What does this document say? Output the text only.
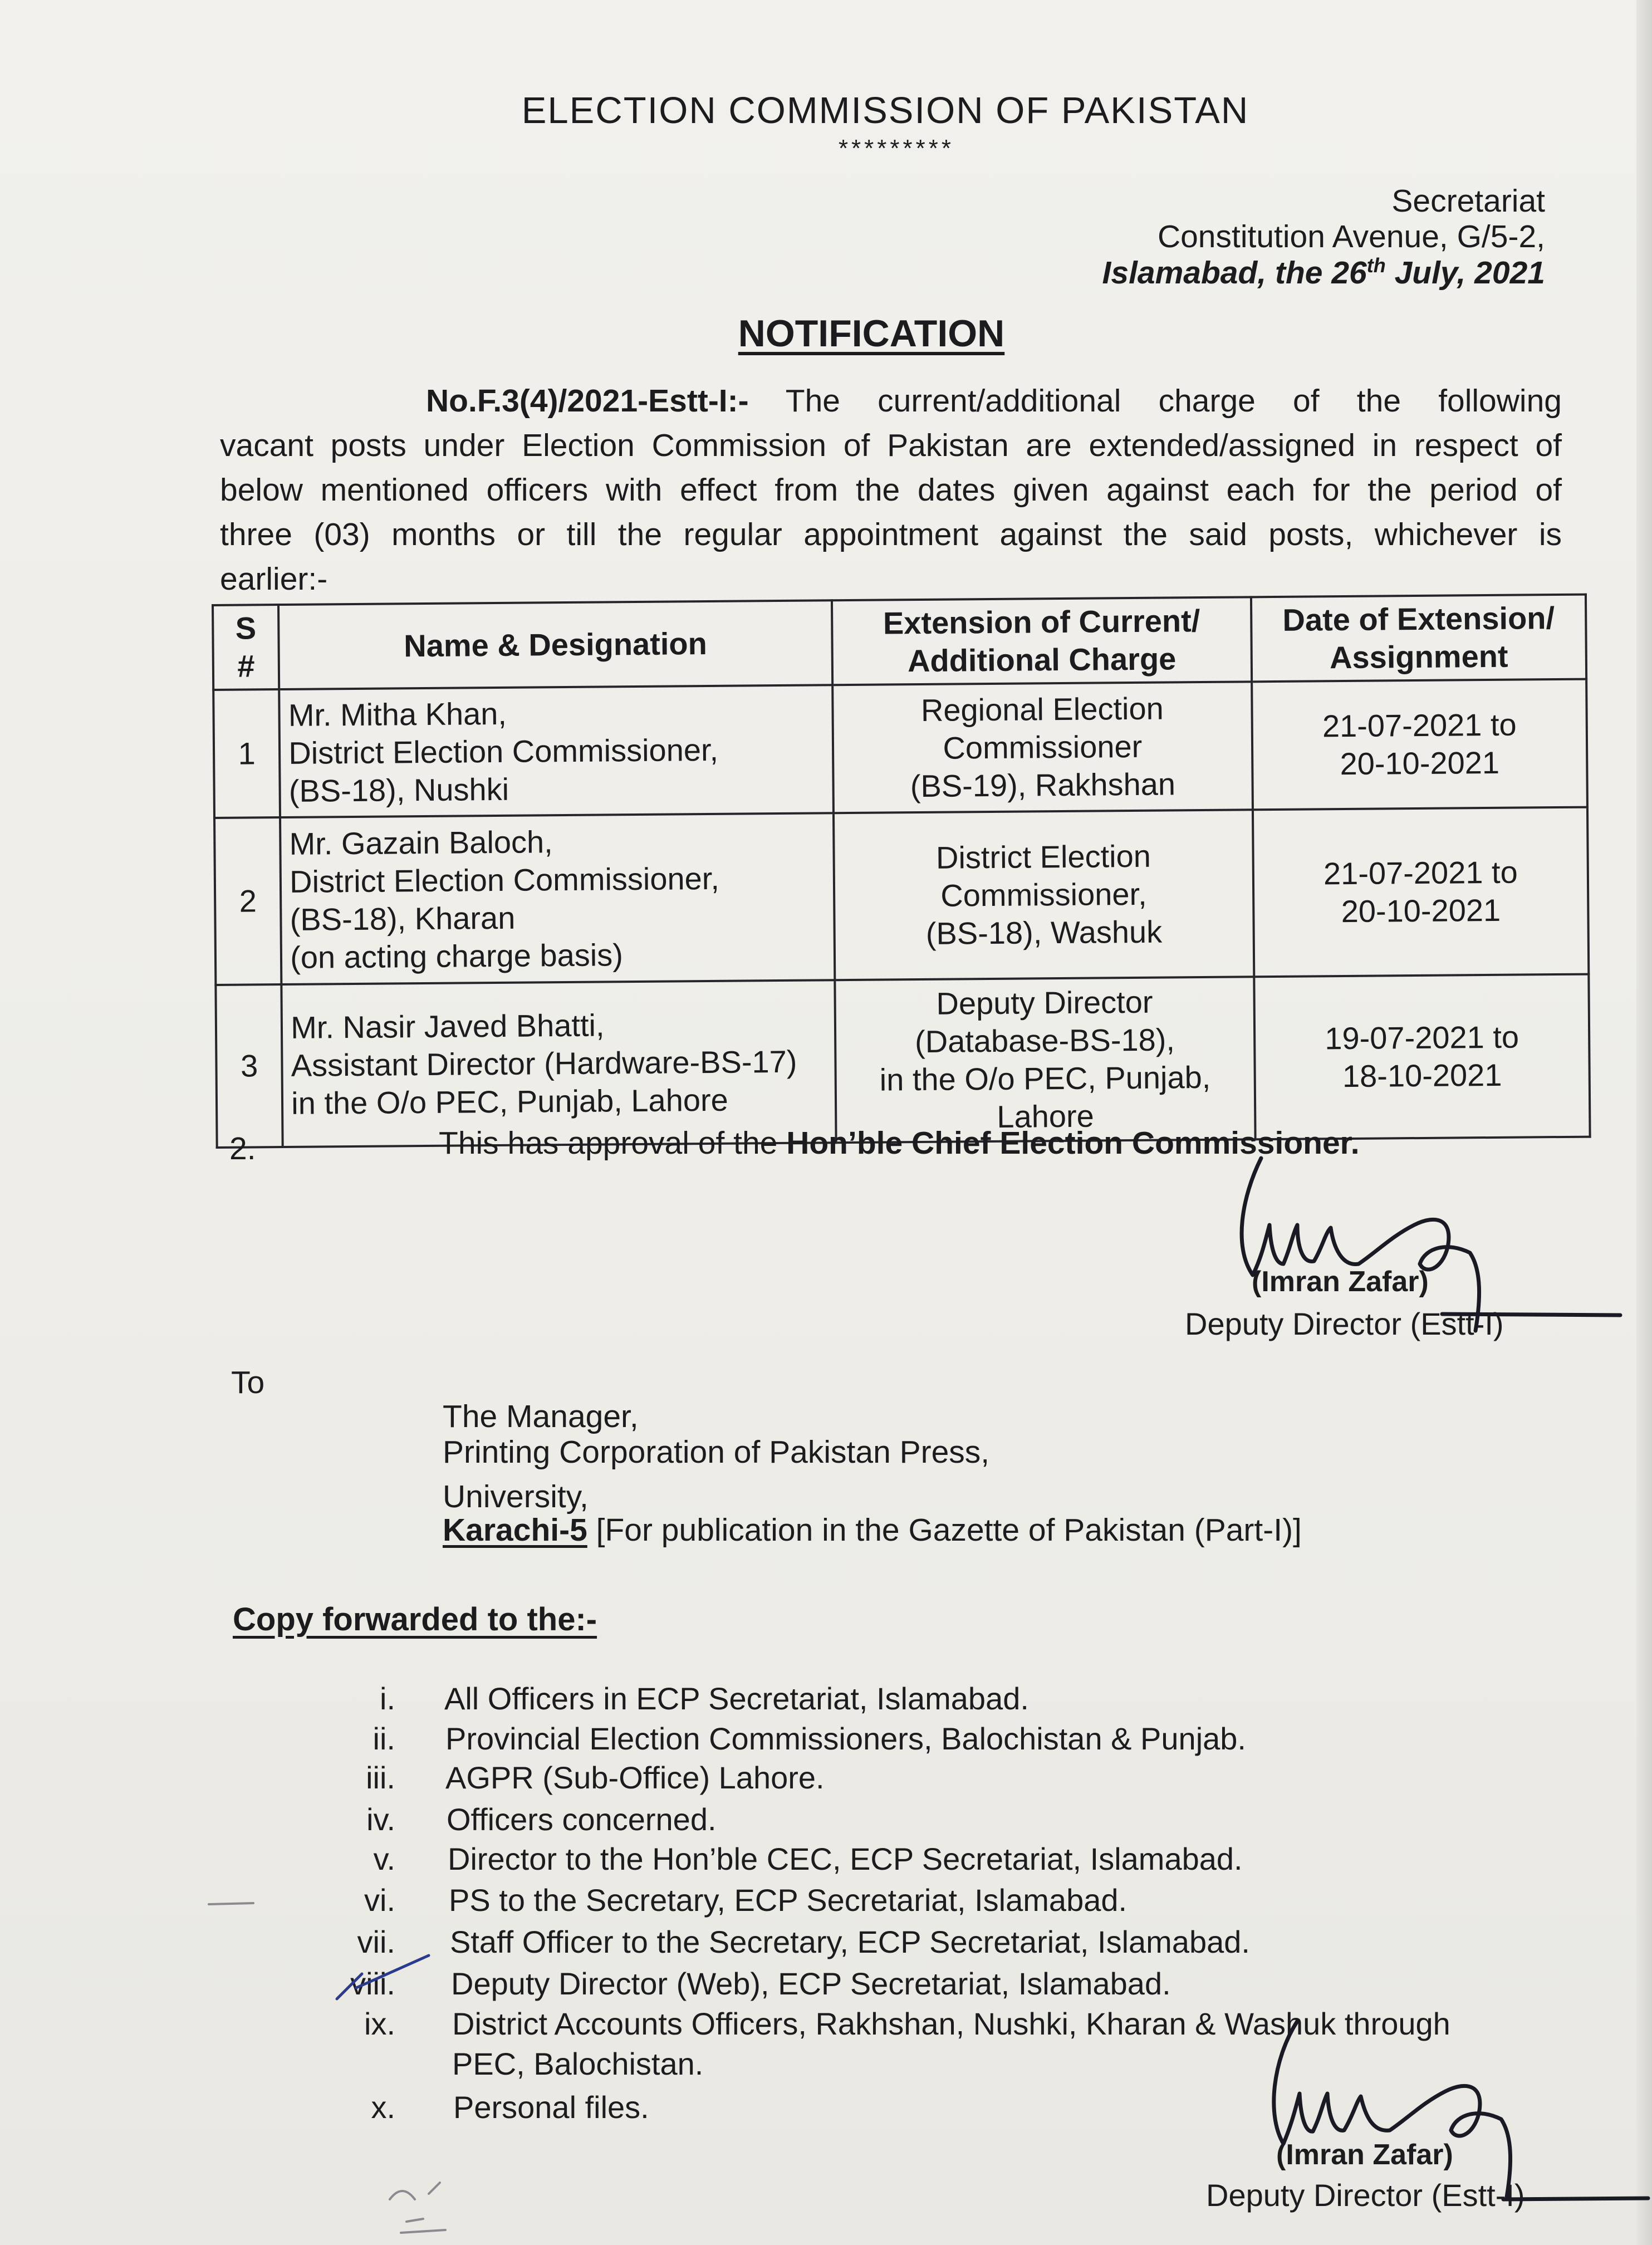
ELECTION COMMISSION OF PAKISTAN
*********
Secretariat
Constitution Avenue, G/5-2,
Islamabad, the 26th July, 2021
NOTIFICATION
No.F.3(4)/2021-Estt-I:- The current/additional charge of the following
vacant posts under Election Commission of Pakistan are extended/assigned in respect of
below mentioned officers with effect from the dates given against each for the period of
three (03) months or till the regular appointment against the said posts, whichever is
earlier:-
S
#	Name & Designation	Extension of Current/
Additional Charge	Date of Extension/
Assignment

1	Mr. Mitha Khan,
District Election Commissioner,
(BS-18), Nushki	Regional Election
Commissioner
(BS-19), Rakhshan	21-07-2021 to
20-10-2021

2	Mr. Gazain Baloch,
District Election Commissioner,
(BS-18), Kharan
(on acting charge basis)	District Election
Commissioner,
(BS-18), Washuk	21-07-2021 to
20-10-2021

3	Mr. Nasir Javed Bhatti,
Assistant Director (Hardware-BS-17)
in the O/o PEC, Punjab, Lahore	Deputy Director
(Database-BS-18),
in the O/o PEC, Punjab,
Lahore	19-07-2021 to
18-10-2021
2.	This has approval of the Hon’ble Chief Election Commissioner.
(Imran Zafar)
Deputy Director (Estt-I)
To
The Manager,
Printing Corporation of Pakistan Press,
University,
Karachi-5 [For publication in the Gazette of Pakistan (Part-I)]
Copy forwarded to the:-
i. All Officers in ECP Secretariat, Islamabad.
ii. Provincial Election Commissioners, Balochistan & Punjab.
iii. AGPR (Sub-Office) Lahore.
iv. Officers concerned.
v. Director to the Hon’ble CEC, ECP Secretariat, Islamabad.
vi. PS to the Secretary, ECP Secretariat, Islamabad.
vii. Staff Officer to the Secretary, ECP Secretariat, Islamabad.
viii. Deputy Director (Web), ECP Secretariat, Islamabad.
ix. District Accounts Officers, Rakhshan, Nushki, Kharan & Washuk through
PEC, Balochistan.
x. Personal files.
(Imran Zafar)
Deputy Director (Estt-I)
